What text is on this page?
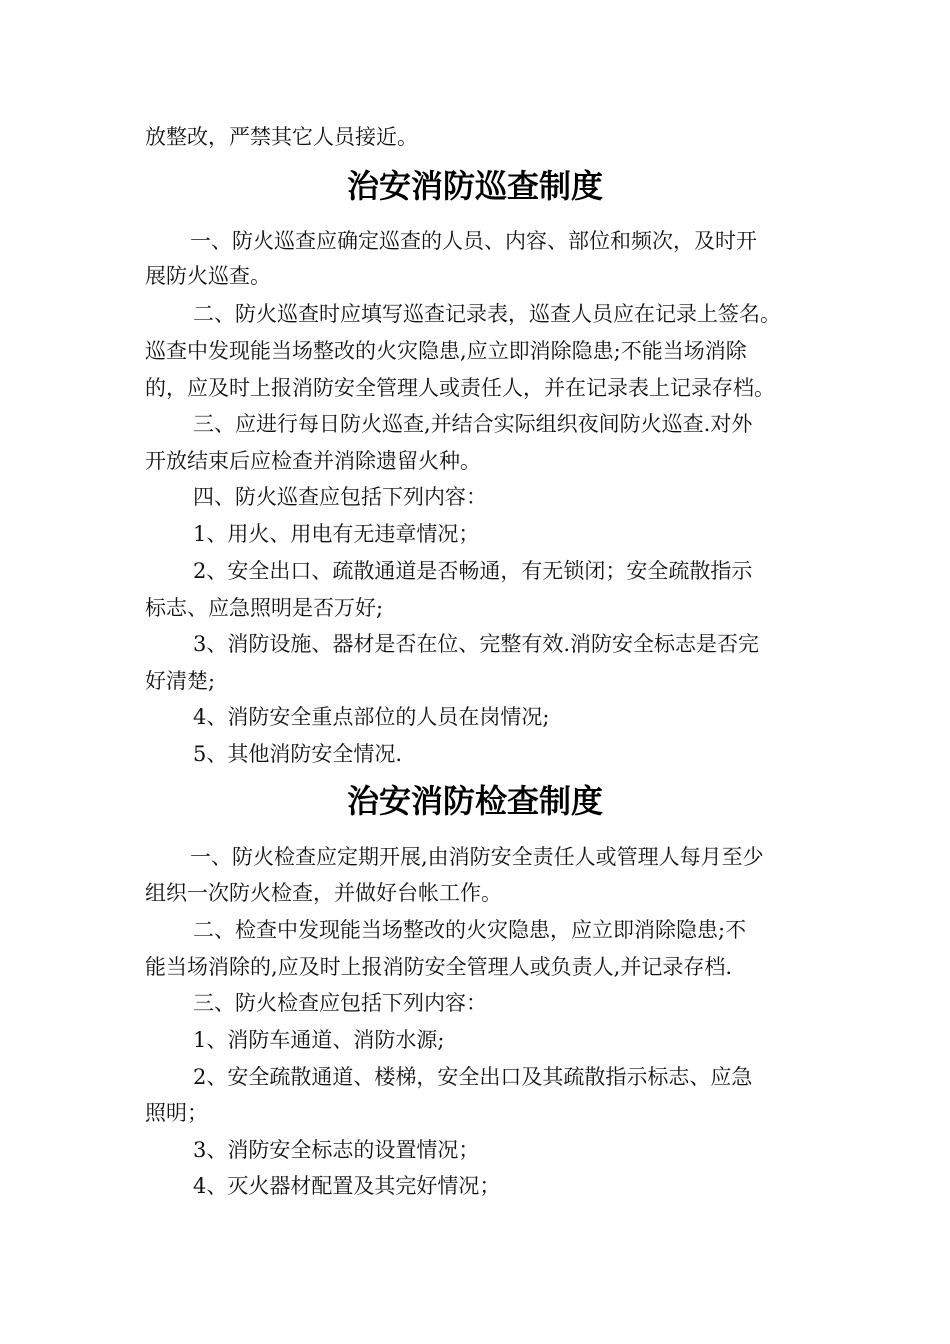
放整改，严禁其它人员接近。
治安消防巡查制度
一、防火巡查应确定巡查的人员、内容、部位和频次，及时开
展防火巡查。
二、防火巡查时应填写巡查记录表，巡查人员应在记录上签名。
巡查中发现能当场整改的火灾隐患,应立即消除隐患;不能当场消除
的，应及时上报消防安全管理人或责任人，并在记录表上记录存档。
三、应进行每日防火巡查,并结合实际组织夜间防火巡查.对外
开放结束后应检查并消除遗留火种。
四、防火巡查应包括下列内容：
1、用火、用电有无违章情况；
2、安全出口、疏散通道是否畅通，有无锁闭；安全疏散指示
标志、应急照明是否万好;
3、消防设施、器材是否在位、完整有效.消防安全标志是否完
好清楚;
4、消防安全重点部位的人员在岗情况;
5、其他消防安全情况.
治安消防检查制度
一、防火检查应定期开展,由消防安全责任人或管理人每月至少
组织一次防火检查，并做好台帐工作。
二、检查中发现能当场整改的火灾隐患，应立即消除隐患;不
能当场消除的,应及时上报消防安全管理人或负责人,并记录存档.
三、防火检查应包括下列内容：
1、消防车通道、消防水源;
2、安全疏散通道、楼梯，安全出口及其疏散指示标志、应急
照明；
3、消防安全标志的设置情况；
4、灭火器材配置及其完好情况；
